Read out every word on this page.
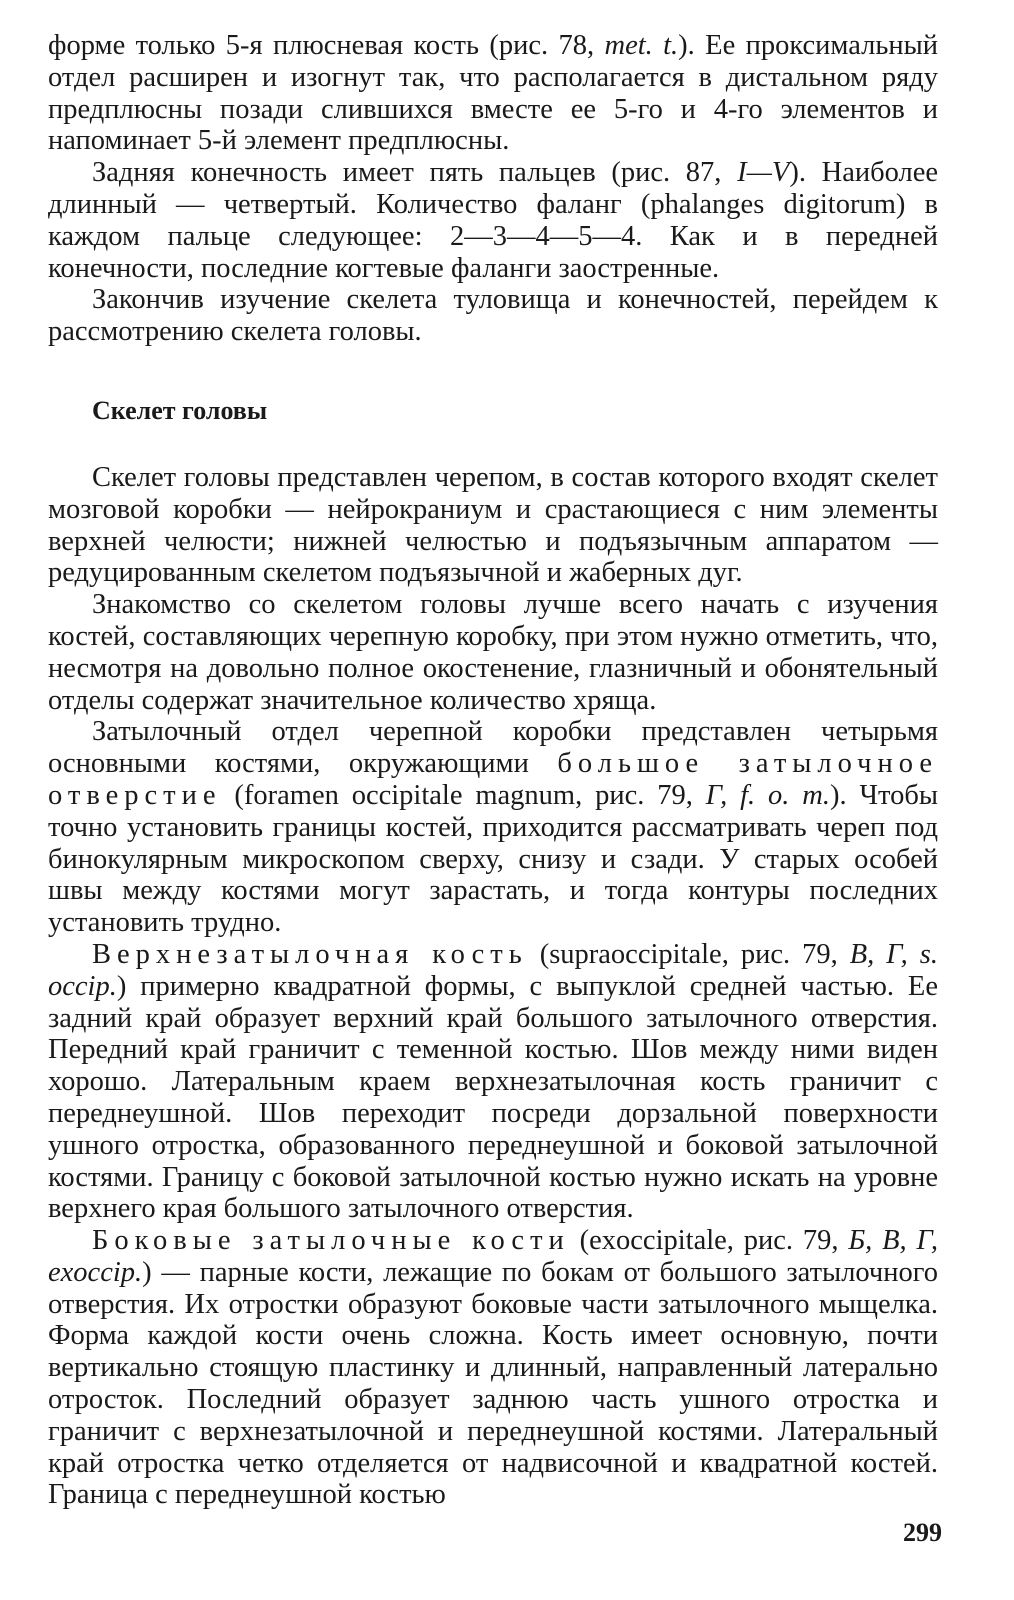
форме только 5-я плюсневая кость (рис. 78, met. t.). Ее проксимальный отдел расширен и изогнут так, что располагается в дистальном ряду предплюсны позади слившихся вместе ее 5-го и 4-го элементов и напоминает 5-й элемент предплюсны.

Задняя конечность имеет пять пальцев (рис. 87, I—V). Наиболее длинный — четвертый. Количество фаланг (phalanges digitorum) в каждом пальце следующее: 2—3—4—5—4. Как и в передней конечности, последние когтевые фаланги заостренные.

Закончив изучение скелета туловища и конечностей, перейдем к рассмотрению скелета головы.

Скелет головы

Скелет головы представлен черепом, в состав которого входят скелет мозговой коробки — нейрокраниум и срастающиеся с ним элементы верхней челюсти; нижней челюстью и подъязычным аппаратом — редуцированным скелетом подъязычной и жаберных дуг.

Знакомство со скелетом головы лучше всего начать с изучения костей, составляющих черепную коробку, при этом нужно отметить, что, несмотря на довольно полное окостенение, глазничный и обонятельный отделы содержат значительное количество хряща.

Затылочный отдел черепной коробки представлен четырьмя основными костями, окружающими большое затылочное отверстие (foramen occipitale magnum, рис. 79, Г, f. o. m.). Чтобы точно установить границы костей, приходится рассматривать череп под бинокулярным микроскопом сверху, снизу и сзади. У старых особей швы между костями могут зарастать, и тогда контуры последних установить трудно.

Верхнезатылочная кость (supraoccipitale, рис. 79, В, Г, s. occip.) примерно квадратной формы, с выпуклой средней частью. Ее задний край образует верхний край большого затылочного отверстия. Передний край граничит с теменной костью. Шов между ними виден хорошо. Латеральным краем верхнезатылочная кость граничит с переднеушной. Шов переходит посреди дорзальной поверхности ушного отростка, образованного переднеушной и боковой затылочной костями. Границу с боковой затылочной костью нужно искать на уровне верхнего края большого затылочного отверстия.

Боковые затылочные кости (exoccipitale, рис. 79, Б, В, Г, exoccip.) — парные кости, лежащие по бокам от большого затылочного отверстия. Их отростки образуют боковые части затылочного мыщелка. Форма каждой кости очень сложна. Кость имеет основную, почти вертикально стоящую пластинку и длинный, направленный латерально отросток. Последний образует заднюю часть ушного отростка и граничит с верхнезатылочной и переднеушной костями. Латеральный край отростка четко отделяется от надвисочной и квадратной костей. Граница с переднеушной костью

299
